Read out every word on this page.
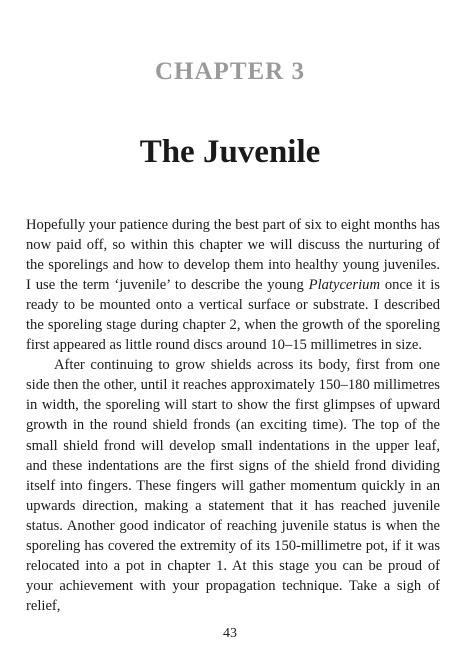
CHAPTER 3
The Juvenile

Hopefully your patience during the best part of six to eight months has now paid off, so within this chapter we will discuss the nurturing of the sporelings and how to develop them into healthy young juveniles. I use the term ‘juvenile’ to describe the young Platycerium once it is ready to be mounted onto a vertical surface or substrate. I described the sporeling stage during chapter 2, when the growth of the sporeling first appeared as little round discs around 10–15 millimetres in size.

After continuing to grow shields across its body, first from one side then the other, until it reaches approximately 150–180 millimetres in width, the sporeling will start to show the first glimpses of upward growth in the round shield fronds (an exciting time). The top of the small shield frond will develop small indentations in the upper leaf, and these indentations are the first signs of the shield frond dividing itself into fingers. These fingers will gather momentum quickly in an upwards direction, making a statement that it has reached juvenile status. Another good indicator of reaching juvenile status is when the sporeling has covered the extremity of its 150-millimetre pot, if it was relocated into a pot in chapter 1. At this stage you can be proud of your achievement with your propagation technique. Take a sigh of relief,

43
